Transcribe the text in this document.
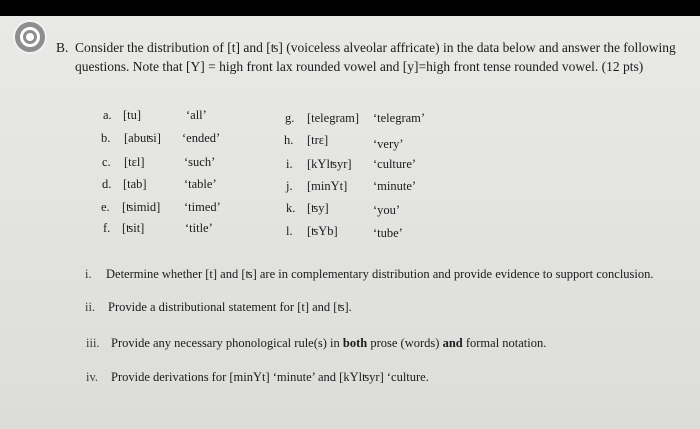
B. Consider the distribution of [t] and [ʦ] (voiceless alveolar affricate) in the data below and answer the following
questions. Note that [Y] = high front lax rounded vowel and [y]=high front tense rounded vowel. (12 pts)
a. [tu]	‘all’
b. [abuʦi] ‘ended’
c. [tɛl]	‘such’
d. [tab]	‘table’
e. [ʦimid] ‘timed’
f. [ʦit]	‘title’
g. [telegram] ‘telegram’
h. [trɛ]	‘very’
i. [kYlʦyr] ‘culture’
j. [minYt] ‘minute’
k. [ʦy]	‘you’
l. [ʦYb]	‘tube’
i. Determine whether [t] and [ʦ] are in complementary distribution and provide evidence to support conclusion.
ii. Provide a distributional statement for [t] and [ʦ].
iii. Provide any necessary phonological rule(s) in both prose (words) and formal notation.
iv. Provide derivations for [minYt] ‘minute’ and [kYlʦyr] ‘culture.
